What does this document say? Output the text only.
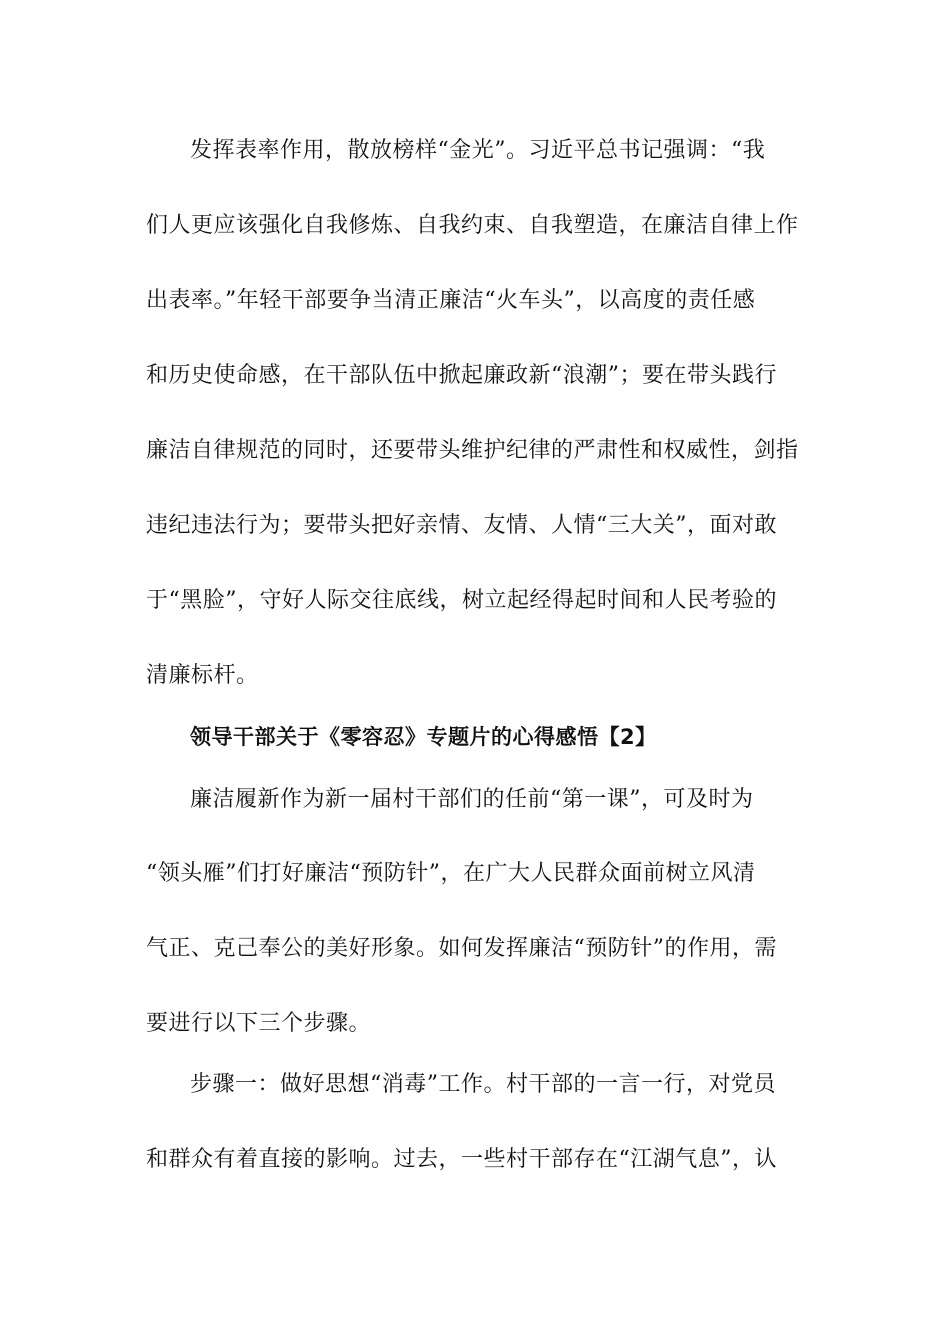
发挥表率作用，散放榜样“金光”。习近平总书记强调：“我
们人更应该强化自我修炼、自我约束、自我塑造，在廉洁自律上作
出表率。”年轻干部要争当清正廉洁“火车头”，以高度的责任感
和历史使命感，在干部队伍中掀起廉政新“浪潮”；要在带头践行
廉洁自律规范的同时，还要带头维护纪律的严肃性和权威性，剑指
违纪违法行为；要带头把好亲情、友情、人情“三大关”，面对敢
于“黑脸”，守好人际交往底线，树立起经得起时间和人民考验的
清廉标杆。
领导干部关于《零容忍》专题片的心得感悟【2】
廉洁履新作为新一届村干部们的任前“第一课”，可及时为
“领头雁”们打好廉洁“预防针”，在广大人民群众面前树立风清
气正、克己奉公的美好形象。如何发挥廉洁“预防针”的作用，需
要进行以下三个步骤。
步骤一：做好思想“消毒”工作。村干部的一言一行，对党员
和群众有着直接的影响。过去，一些村干部存在“江湖气息”，认
